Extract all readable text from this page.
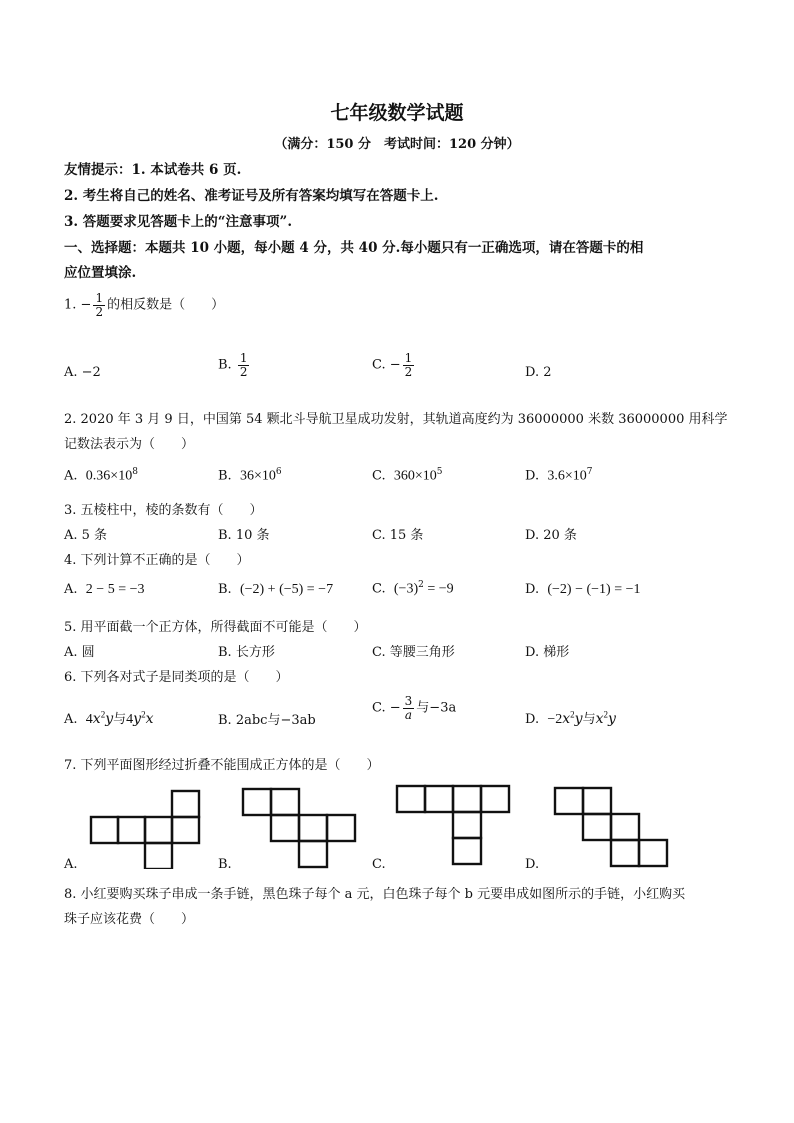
七年级数学试题
（满分：150 分　考试时间：120 分钟）
友情提示：1. 本试卷共 6 页.
2. 考生将自己的姓名、准考证号及所有答案均填写在答题卡上.
3. 答题要求见答题卡上的“注意事项”.
一、选择题：本题共 10 小题，每小题 4 分，共 40 分.每小题只有一正确选项，请在答题卡的相
应位置填涂.
1. − $\frac{1}{2}$ 的相反数是（　　）
A. −2	B. $\frac{1}{2}$	C. − $\frac{1}{2}$	D. 2
2. 2020 年 3 月 9 日，中国第 54 颗北斗导航卫星成功发射，其轨道高度约为 36000000 米数 36000000 用科学
记数法表示为（　　）
A. $0.36\times 10^8$	B. $36\times 10^6$	C. $360\times 10^5$	D. $3.6\times 10^7$
3. 五棱柱中，棱的条数有（　　）
A. 5 条	B. 10 条	C. 15 条	D. 20 条
4. 下列计算不正确的是（　　）
A. 2 − 5 = −3	B. (−2) + (−5) = −7	C. $(-3)^2 = -9$	D. (−2) − (−1) = −1
5. 用平面截一个正方体，所得截面不可能是（　　）
A. 圆	B. 长方形	C. 等腰三角形	D. 梯形
6. 下列各对式子是同类项的是（　　）
A. $4x^2y$与$4y^2x$	B. 2abc与−3ab
C. − $\frac{3}{a}$ 与−3a
D. $-2x^2y$与$x^2y$
7. 下列平面图形经过折叠不能围成正方体的是（　　）
A.	B.	C.	D.
8. 小红要购买珠子串成一条手链，黑色珠子每个 a 元，白色珠子每个 b 元要串成如图所示的手链，小红购买
珠子应该花费（　　）
